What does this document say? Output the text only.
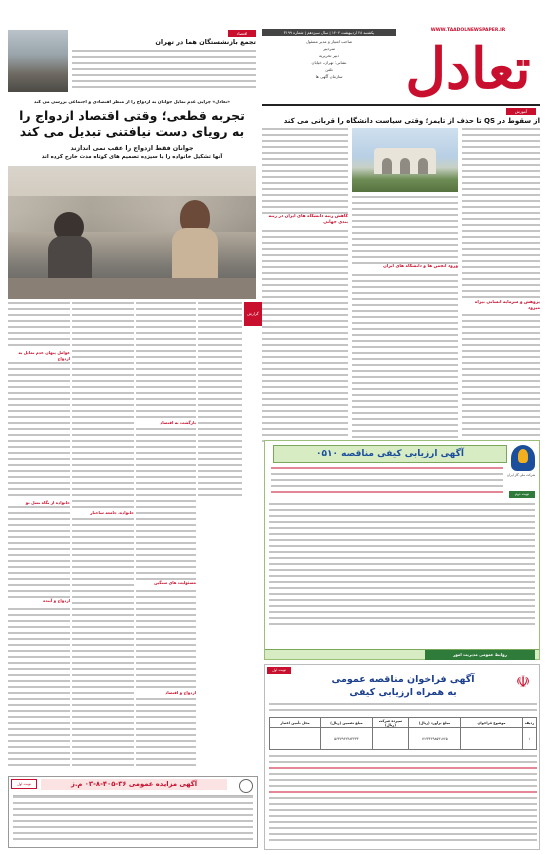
WWW.TAADOLNEWSPAPER.IR
تعادل
یکشنبه ۲۸ اردیبهشت ۱۴۰۴ | سال سیزدهم | شماره ۳۱۹۹
صاحب امتیاز و مدیر مسئول
سردبیر
دبیر تحریریه
نشانی: تهران، خیابان
تلفن
سازمان آگهی ها
اقتصاد
تجمع بازنشستگان هما در تهران
آموزش
از سقوط در QS تا حذف از تایمز؛ وقتی سیاست دانشگاه را قربانی می کند
پژوهش و سرمایه انسانی بیراه میرود
ورود انجمن ها و دانشگاه های ایران
کاهش رتبه دانشگاه های ایران در رتبه بندی جهانی
«تعادل» چرایی عدم تمایل جوانان به ازدواج را از منظر اقتصادی و اجتماعی بررسی می کند
تجربه قطعی؛ وقتی اقتصاد ازدواج را
به رویای دست نیافتنی تبدیل می کند
جوانان فقط ازدواج را عقب نمی اندازند
آنها تشکیل خانواده را با سیزده تصمیم های کوتاه مدت خارج کرده اند
گزارش
عوامل پنهان عدم تمایل به ازدواج
بازگشت به اقتصاد
خانواده از نگاه نسل نو
ازدواج و آینده
خانواده، جامعه ساختار
مسئولیت های سنگین
ازدواج و اقتصاد
آگهی ارزیابی کیفی مناقصه ۰۵۱۰
شرکت ملی گاز ایران
نوبت دوم
روابط عمومی مدیریت امور
نوبت اول	آگهی مزایده عمومی ۳۶-۴۰۵-۸-۰۳ م.ز
نوبت اول
☫
آگهی فراخوان مناقصه عمومی
به همراه ارزیابی کیفی
ردیف	موضوع فراخوان	مبلغ برآورد (ریال)	سپرده شرکت (ریال)	مبلغ تضمین (ریال)	محل تأمین اعتبار
۱		۱۲۶۳۴۲۹۸۵۹۱۷۶۵		۵۶۳۷۹۶۲۴۸۴۴۳۴	
